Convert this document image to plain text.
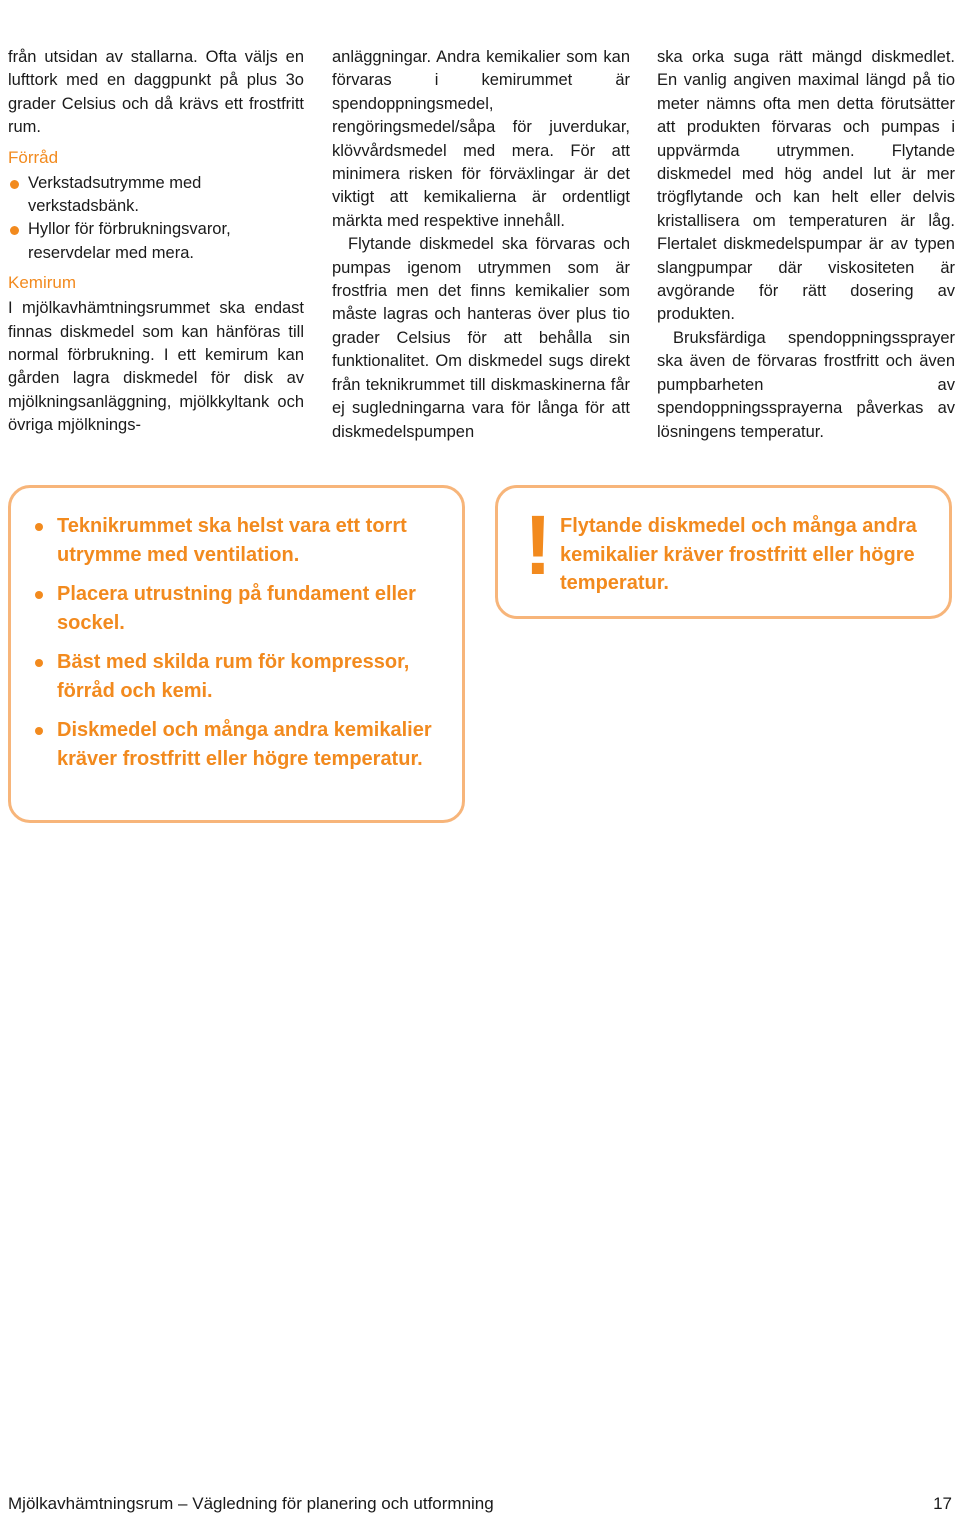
från utsidan av stallarna. Ofta väljs en lufttork med en daggpunkt på plus 3o grader Celsius och då krävs ett frostfritt rum.

Förråd
Verkstadsutrymme med verkstadsbänk.
Hyllor för förbrukningsvaror, reservdelar med mera.
Kemirum

I mjölkavhämtningsrummet ska endast finnas diskmedel som kan hänföras till normal förbrukning. I ett kemirum kan gården lagra diskmedel för disk av mjölkningsanläggning, mjölkkyltank och övriga mjölknings-

anläggningar. Andra kemikalier som kan förvaras i kemirummet är spendoppningsmedel, rengöringsmedel/såpa för juverdukar, klövvårdsmedel med mera. För att minimera risken för förväxlingar är det viktigt att kemikalierna är ordentligt märkta med respektive innehåll.

Flytande diskmedel ska förvaras och pumpas igenom utrymmen som är frostfria men det finns kemikalier som måste lagras och hanteras över plus tio grader Celsius för att behålla sin funktionalitet. Om diskmedel sugs direkt från teknikrummet till diskmaskinerna får ej sugledningarna vara för långa för att diskmedelspumpen

ska orka suga rätt mängd diskmedlet. En vanlig angiven maximal längd på tio meter nämns ofta men detta förutsätter att produkten förvaras och pumpas i uppvärmda utrymmen. Flytande diskmedel med hög andel lut är mer trögflytande och kan helt eller delvis kristallisera om temperaturen är låg. Flertalet diskmedelspumpar är av typen slangpumpar där viskositeten är avgörande för rätt dosering av produkten.

Bruksfärdiga spendoppningssprayer ska även de förvaras frostfritt och även pumpbarheten av spendoppningssprayerna påverkas av lösningens temperatur.

Teknikrummet ska helst vara ett torrt utrymme med ventilation.
Placera utrustning på fundament eller sockel.
Bäst med skilda rum för kompressor, förråd och kemi.
Diskmedel och många andra kemikalier kräver frostfritt eller högre temperatur.
! Flytande diskmedel och många andra kemikalier kräver frostfritt eller högre temperatur.
Mjölkavhämtningsrum – Vägledning för planering och utformning	17
